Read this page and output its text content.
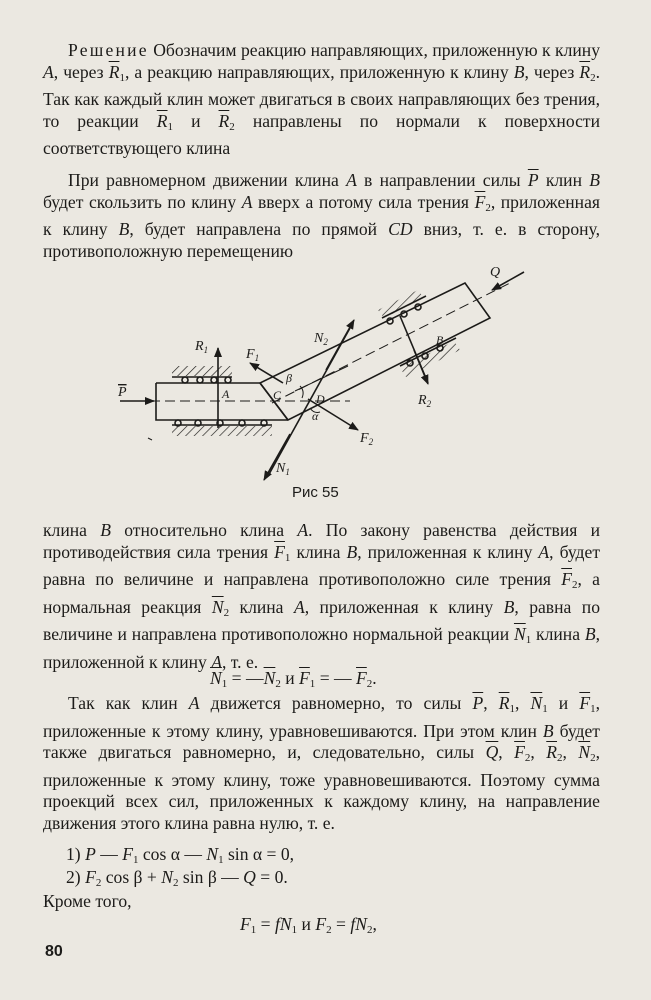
Решение Обозначим реакцию направляющих, приложенную к клину A, через $\overline{R}_1$, а реакцию направляющих, приложенную к клину B, через $\overline{R}_2$. Так как каждый клин может двигаться в своих направляющих без трения, то реакции $\overline{R}_1$ и $\overline{R}_2$ направлены по нормали к поверхности соответствующего клина

При равномерном движении клина A в направлении силы $\overline{P}$ клин B будет скользить по клину A вверх а потому сила трения $\overline{F}_2$, приложенная к клину B, будет направлена по прямой CD вниз, т. е. в сторону, противоположную перемещению

P
$R_1$	$F_1$
A	C
β
D
α
$F_2$
$N_1$
$N_2$	B
$R_2$
Q
Рис 55

клина B относительно клина A. По закону равенства действия и противодействия сила трения $\overline{F}_1$ клина B, приложенная к клину A, будет равна по величине и направлена противоположно силе трения $\overline{F}_2$, а нормальная реакция $\overline{N}_2$ клина A, приложенная к клину B, равна по величине и направлена противоположно нормальной реакции $\overline{N}_1$ клина B, приложенной к клину A, т. е.

$\overline{N}_1$ = $—\overline{N}_2$ и $\overline{F}_1$ = — $\overline{F}_2$.

Так как клин A движется равномерно, то силы $\overline{P}$, $\overline{R}_1$, $\overline{N}_1$ и $\overline{F}_1$, приложенные к этому клину, уравновешиваются. При этом клин B будет также двигаться равномерно, и, следовательно, силы $\overline{Q}$, $\overline{F}_2$, $\overline{R}_2$, $\overline{N}_2$, приложенные к этому клину, тоже уравновешиваются. Поэтому сумма проекций всех сил, приложенных к каждому клину, на направление движения этого клина равна нулю, т. е.

1) P — $F_1$ cos α — $N_1$ sin α = 0,
2) $F_2$ $\cos \beta + N_2$ sin β — Q = 0.
Кроме того,
$F_1 = fN_1$ и $F_2 = fN_2$,
80
